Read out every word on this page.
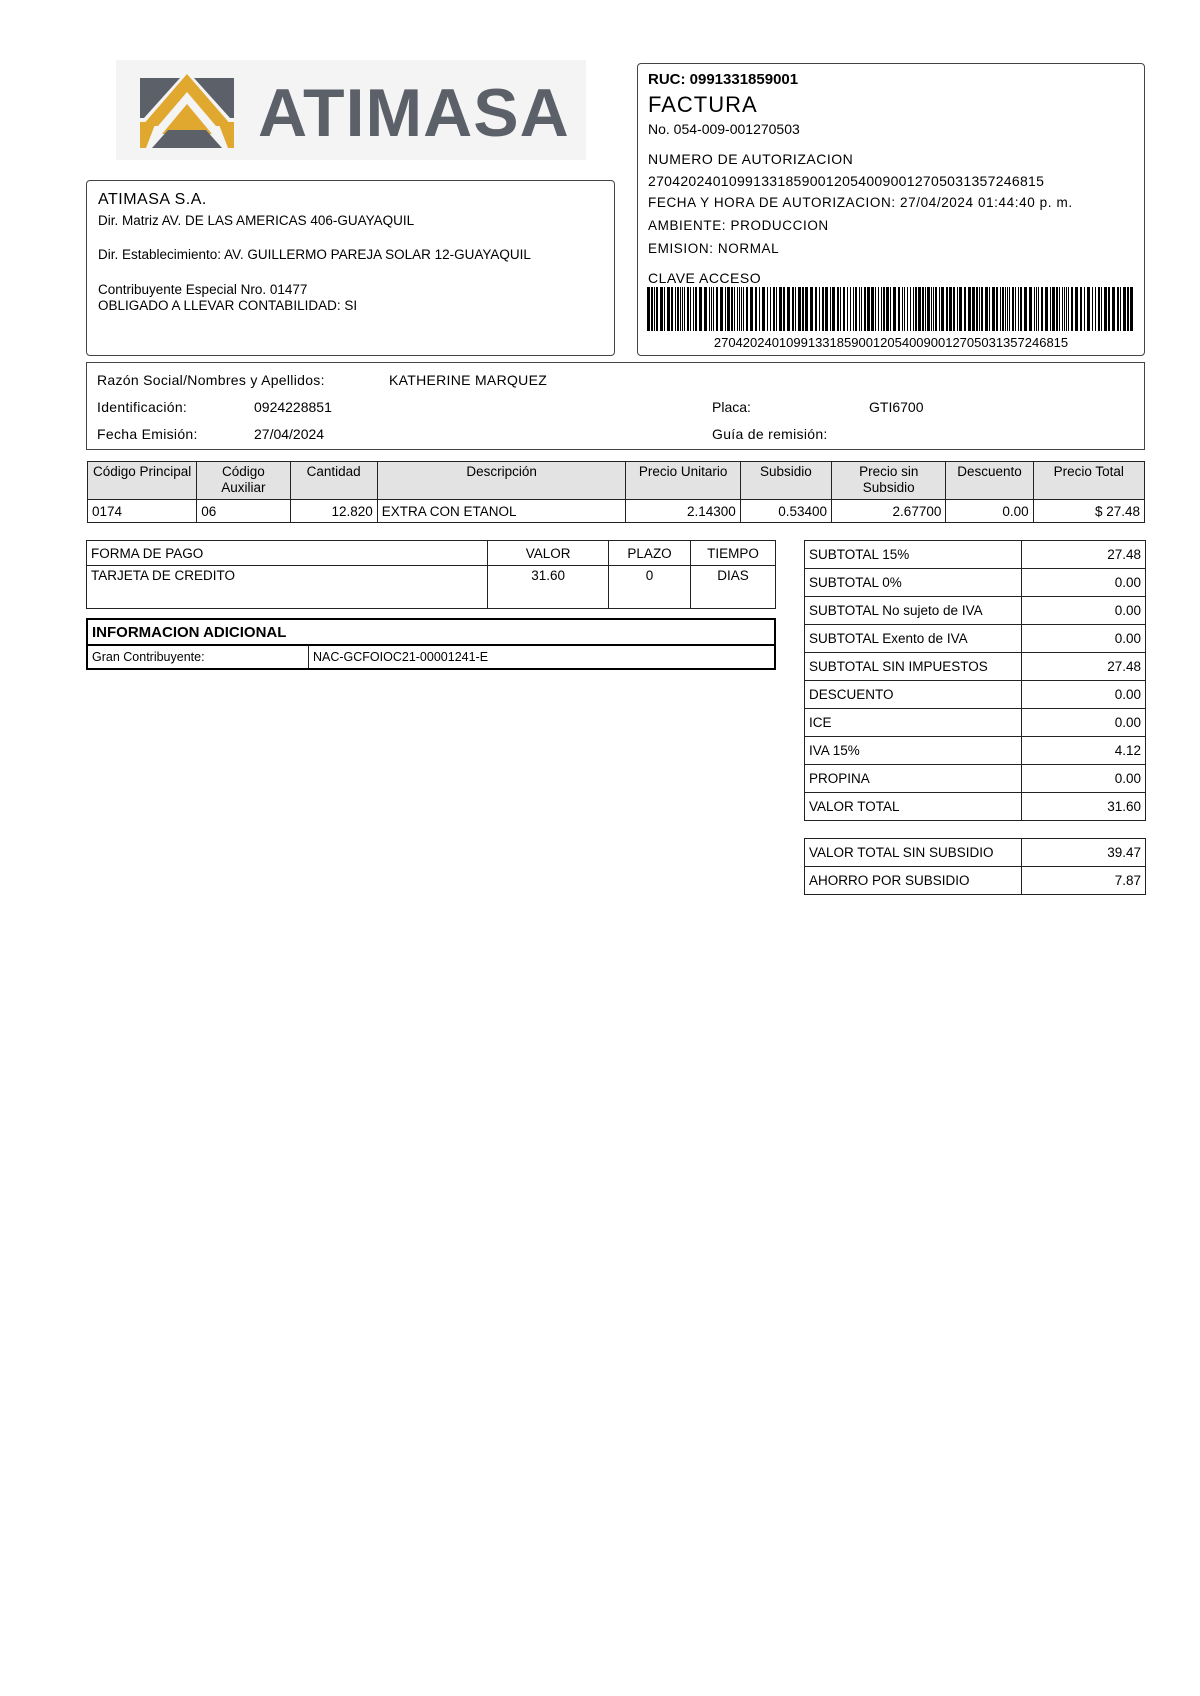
ATIMASA
ATIMASA S.A.
Dir. Matriz AV. DE LAS AMERICAS 406-GUAYAQUIL
Dir. Establecimiento: AV. GUILLERMO PAREJA SOLAR 12-GUAYAQUIL
Contribuyente Especial Nro. 01477
OBLIGADO A LLEVAR CONTABILIDAD: SI
RUC: 0991331859001
FACTURA
No. 054-009-001270503
NUMERO DE AUTORIZACION
2704202401099133185900120540090012705031357246815
FECHA Y HORA DE AUTORIZACION: 27/04/2024 01:44:40 p. m.
AMBIENTE: PRODUCCION
EMISION: NORMAL
CLAVE ACCESO
2704202401099133185900120540090012705031357246815
Razón Social/Nombres y Apellidos:	KATHERINE MARQUEZ
Identificación:	0924228851
Fecha Emisión:	27/04/2024
Placa:	GTI6700
Guía de remisión:
Código Principal	Código Auxiliar	Cantidad	Descripción	Precio Unitario	Subsidio	Precio sin Subsidio	Descuento	Precio Total
0174	06	12.820	EXTRA CON ETANOL	2.14300	0.53400	2.67700	0.00	$ 27.48
FORMA DE PAGO	VALOR	PLAZO	TIEMPO
TARJETA DE CREDITO	31.60	0	DIAS
INFORMACION ADICIONAL
Gran Contribuyente:	NAC-GCFOIOC21-00001241-E
SUBTOTAL 15%	27.48
SUBTOTAL 0%	0.00
SUBTOTAL No sujeto de IVA	0.00
SUBTOTAL Exento de IVA	0.00
SUBTOTAL SIN IMPUESTOS	27.48
DESCUENTO	0.00
ICE	0.00
IVA 15%	4.12
PROPINA	0.00
VALOR TOTAL	31.60
VALOR TOTAL SIN SUBSIDIO	39.47
AHORRO POR SUBSIDIO	7.87
